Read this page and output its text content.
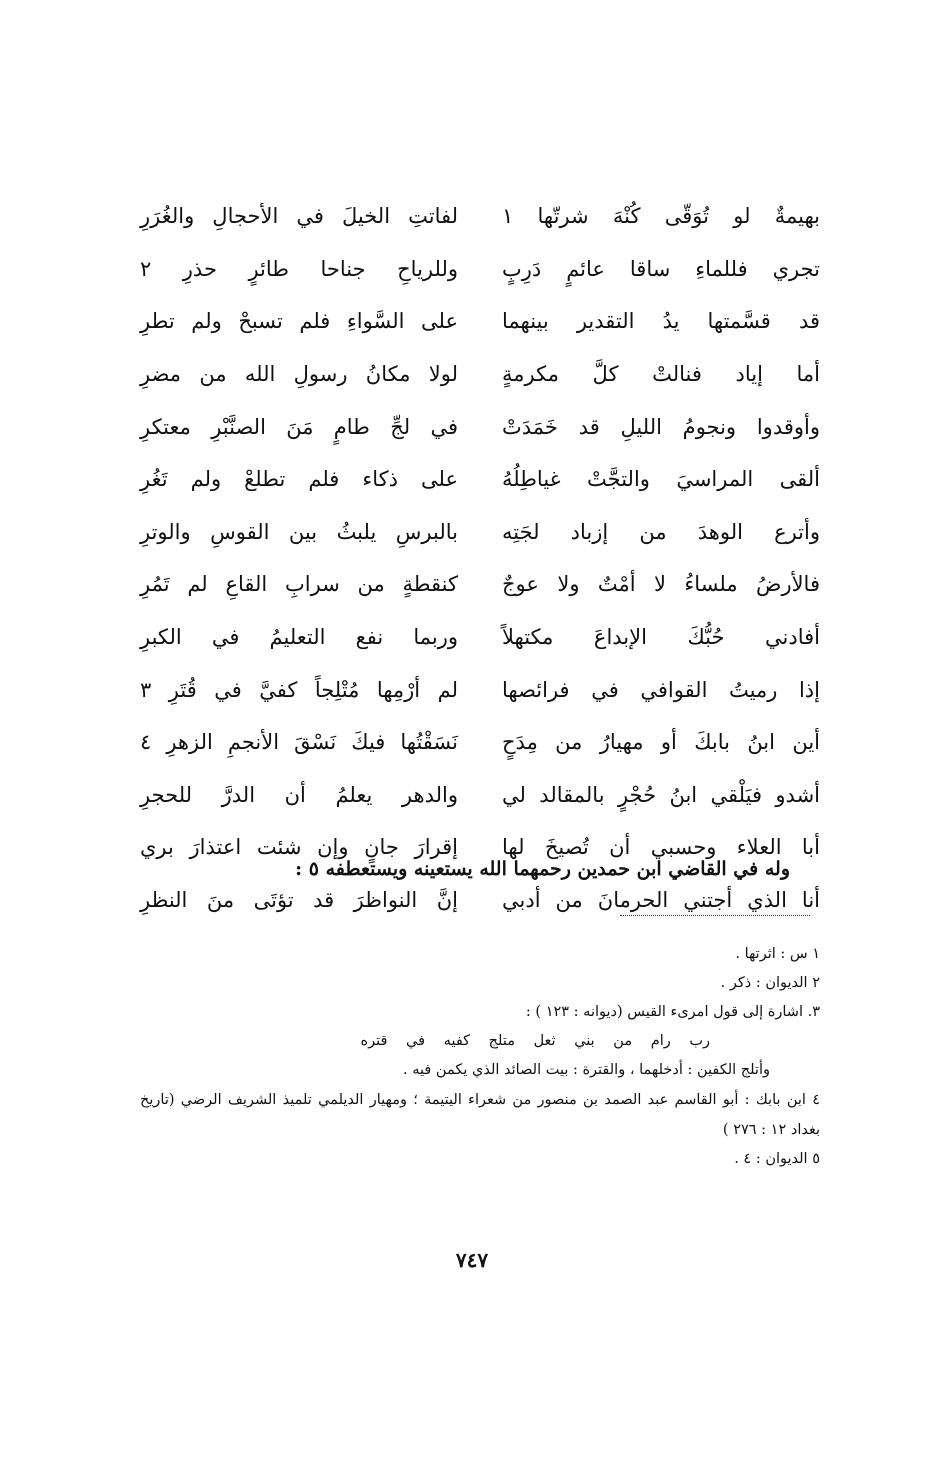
بهيمةٌ لو تُوَقّى كُنْهَ شرتّها ١
لفاتتِ الخيلَ في الأحجالِ والغُرَرِ
تجري فللماءِ ساقا عائمٍ دَرِبٍ
وللرياحِ جناحا طائرٍ حذرِ ٢
قد قسَّمتها يدُ التقدير بينهما
على السَّواءِ فلم تسبحْ ولم تطرِ
أما إياد فنالتْ كلَّ مكرمةٍ
لولا مكانُ رسولِ الله من مضرِ
وأوقدوا ونجومُ الليلِ قد خَمَدَتْ
في لجِّ طامٍ مَنَ الصنَّبْرِ معتكرِ
ألقى المراسيَ والتجَّتْ غياطِلُهُ
على ذكاء فلم تطلعْ ولم تَغُرِ
وأترع الوهدَ من إزباد لجَتِه
بالبرسِ يلبثُ بين القوسِ والوترِ
فالأرضُ ملساءُ لا أمْتٌ ولا عوجٌ
كنقطةٍ من سرابِ القاعِ لم تَمُرِ
أفادني حُبُّكَ الإبداعَ مكتهلاً
وربما نفع التعليمُ في الكبرِ
إذا رميتُ القوافي في فرائصها
لم أرْمِها مُتْلِجاً كفيَّ في قُتَرِ ٣
أين ابنُ بابكَ أو مهيارُ من مِدَحٍ
نَسَقْتُها فيكَ نَسْقَ الأنجمِ الزهرِ ٤
أشدو فيَلْقي ابنُ حُجْرٍ بالمقالد لي
والدهر يعلمُ أن الدرَّ للحجرِ
أبا العلاء وحسبي أن تُصيخَ لها
إقرارَ جانٍ وإن شئت اعتذارَ بري
أنا الذي أجتني الحرمانَ من أدبي
إنَّ النواظرَ قد تؤتَى منَ النظرِ
وله في القاضي ابن حمدين رحمهما الله يستعينه ويستعطفه ٥ :
١ س : اثرتها .
٢ الديوان : ذكر .
٣. اشارة إلى قول امرىء القيس (ديوانه : ١٢٣ ) :
رب رام من بني ثعل متلج كفيه في قتره
وأتلج الكفين : أدخلهما ، والقترة : بيت الصائد الذي يكمن فيه .
٤ ابن بابك : أبو القاسم عبد الصمد بن منصور من شعراء اليتيمة ؛ ومهيار الديلمي تلميذ الشريف الرضي (تاريخ بغداد ١٢ : ٢٧٦ )
٥ الديوان : ٤ .
٧٤٧
